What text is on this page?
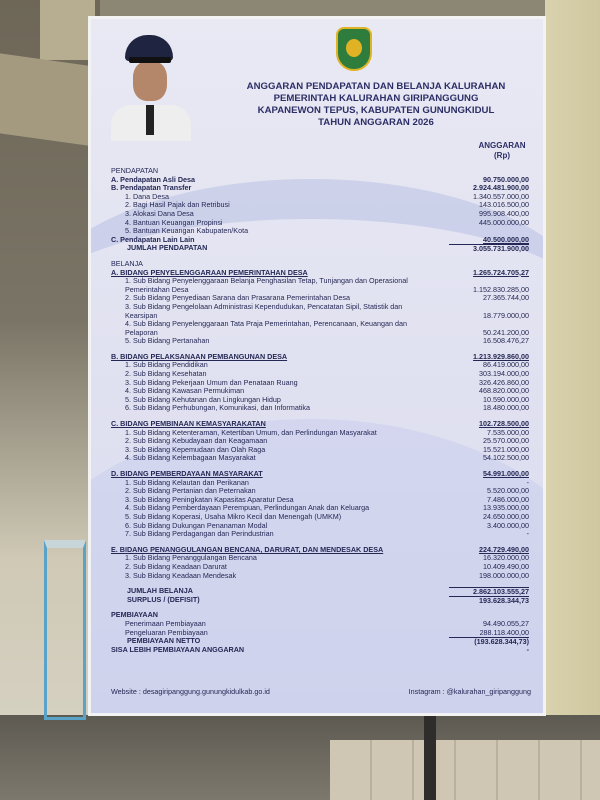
ANGGARAN PENDAPATAN DAN BELANJA KALURAHAN
PEMERINTAH KALURAHAN GIRIPANGGUNG
KAPANEWON TEPUS, KABUPATEN GUNUNGKIDUL
TAHUN ANGGARAN 2026
ANGGARAN
(Rp)
PENDAPATAN
A. Pendapatan Asli Desa	90.750.000,00
B. Pendapatan Transfer	2.924.481.900,00
1. Dana Desa	1.340.557.000,00
2. Bagi Hasil Pajak dan Retribusi	143.016.500,00
3. Alokasi Dana Desa	995.908.400,00
4. Bantuan Keuangan Propinsi	445.000.000,00
5. Bantuan Keuangan Kabupaten/Kota
C. Pendapatan Lain Lain	40.500.000,00
JUMLAH PENDAPATAN	3.055.731.900,00
BELANJA
A. BIDANG PENYELENGGARAAN PEMERINTAHAN DESA	1.265.724.705,27
1. Sub Bidang Penyelenggaraan Belanja Penghasilan Tetap, Tunjangan dan Operasional Pemerintahan Desa	1.152.830.285,00
2. Sub Bidang Penyediaan Sarana dan Prasarana Pemerintahan Desa	27.365.744,00
3. Sub Bidang Pengelolaan Administrasi Kependudukan, Pencatatan Sipil, Statistik dan Kearsipan	18.779.000,00
4. Sub Bidang Penyelenggaraan Tata Praja Pemerintahan, Perencanaan, Keuangan dan Pelaporan	50.241.200,00
5. Sub Bidang Pertanahan	16.508.476,27
B. BIDANG PELAKSANAAN PEMBANGUNAN DESA	1.213.929.860,00
1. Sub Bidang Pendidikan	86.419.000,00
2. Sub Bidang Kesehatan	303.194.000,00
3. Sub Bidang Pekerjaan Umum dan Penataan Ruang	326.426.860,00
4. Sub Bidang Kawasan Permukiman	468.820.000,00
5. Sub Bidang Kehutanan dan Lingkungan Hidup	10.590.000,00
6. Sub Bidang Perhubungan, Komunikasi, dan Informatika	18.480.000,00
C. BIDANG PEMBINAAN KEMASYARAKATAN	102.728.500,00
1. Sub Bidang Ketenteraman, Ketertiban Umum, dan Perlindungan Masyarakat	7.535.000,00
2. Sub Bidang Kebudayaan dan Keagamaan	25.570.000,00
3. Sub Bidang Kepemudaan dan Olah Raga	15.521.000,00
4. Sub Bidang Kelembagaan Masyarakat	54.102.500,00
D. BIDANG PEMBERDAYAAN MASYARAKAT	54.991.000,00
1. Sub Bidang Kelautan dan Perikanan	-
2. Sub Bidang Pertanian dan Peternakan	5.520.000,00
3. Sub Bidang Peningkatan Kapasitas Aparatur Desa	7.486.000,00
4. Sub Bidang Pemberdayaan Perempuan, Perlindungan Anak dan Keluarga	13.935.000,00
5. Sub Bidang Koperasi, Usaha Mikro Kecil dan Menengah (UMKM)	24.650.000,00
6. Sub Bidang Dukungan Penanaman Modal	3.400.000,00
7. Sub Bidang Perdagangan dan Perindustrian	-
E. BIDANG PENANGGULANGAN BENCANA, DARURAT, DAN MENDESAK DESA	224.729.490,00
1. Sub Bidang Penanggulangan Bencana	16.320.000,00
2. Sub Bidang Keadaan Darurat	10.409.490,00
3. Sub Bidang Keadaan Mendesak	198.000.000,00
JUMLAH BELANJA	2.862.103.555,27
SURPLUS / (DEFISIT)	193.628.344,73
PEMBIAYAAN
Penerimaan Pembiayaan	94.490.055,27
Pengeluaran Pembiayaan	288.118.400,00
PEMBIAYAAN NETTO	(193.628.344,73)
SISA LEBIH PEMBIAYAAN ANGGARAN	-
Website : desagiripanggung.gunungkidulkab.go.id	Instagram : @kalurahan_giripanggung
